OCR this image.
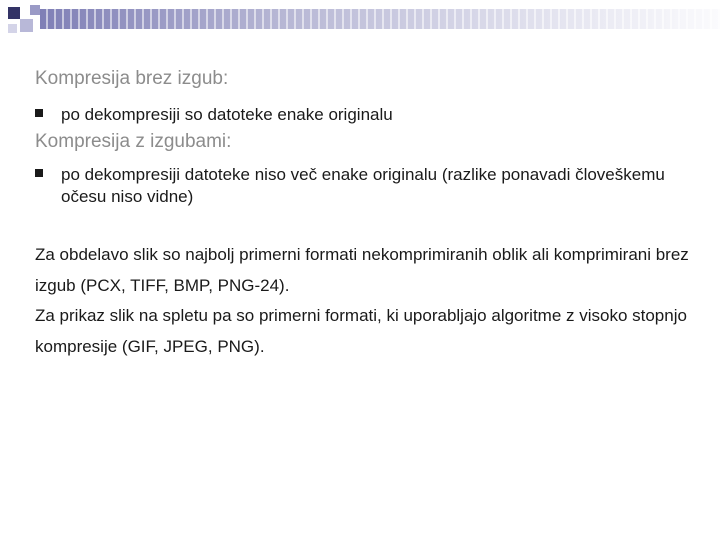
Kompresija brez izgub:
po dekompresiji so datoteke enake originalu
Kompresija z izgubami:
po dekompresiji datoteke niso več enake originalu (razlike ponavadi človeškemu očesu niso vidne)

Za obdelavo slik so najbolj primerni formati nekomprimiranih oblik ali komprimirani brez izgub (PCX, TIFF, BMP, PNG-24).

Za prikaz slik na spletu pa so primerni formati, ki uporabljajo algoritme z visoko stopnjo kompresije (GIF, JPEG, PNG).
